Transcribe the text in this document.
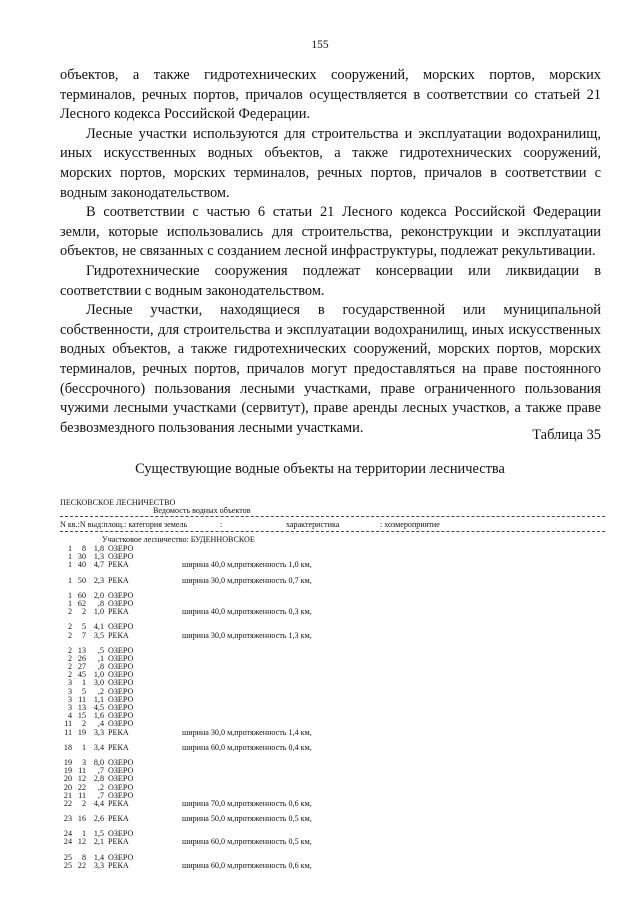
155

объектов, а также гидротехнических сооружений, морских портов, морских терминалов, речных портов, причалов осуществляется в соответствии со статьей 21 Лесного кодекса Российской Федерации.

Лесные участки используются для строительства и эксплуатации водохранилищ, иных искусственных водных объектов, а также гидротехнических сооружений, морских портов, морских терминалов, речных портов, причалов в соответствии с водным законодательством.

В соответствии с частью 6 статьи 21 Лесного кодекса Российской Федерации земли, которые использовались для строительства, реконструкции и эксплуатации объектов, не связанных с созданием лесной инфраструктуры, подлежат рекультивации.

Гидротехнические сооружения подлежат консервации или ликвидации в соответствии с водным законодательством.

Лесные участки, находящиеся в государственной или муниципальной собственности, для строительства и эксплуатации водохранилищ, иных искусственных водных объектов, а также гидротехнических сооружений, морских портов, морских терминалов, речных портов, причалов могут предоставляться на праве постоянного (бессрочного) пользования лесными участками, праве ограниченного пользования чужими лесными участками (сервитут), праве аренды лесных участков, а также праве безвозмездного пользования лесными участками.	Таблица 35
Существующие водные объекты на территории лесничества
ПЕСКОВСКОЕ ЛЕСНИЧЕСТВО
Ведомость водных объектов
N кв.:N выд:площ.: категория земель	:	характеристика	: хозмероприятие
Участковое лесничество: БУДЕННОВСКОЕ
1	8 1,8 ОЗЕРО
1 30 1,3 ОЗЕРО
1 40 4,7 РЕКА	ширина 40,0 м,протяженность 1,0 км,
1 50 2,3 РЕКА	ширина 30,0 м,протяженность 0,7 км,
1 60 2,0 ОЗЕРО
1 62	,8 ОЗЕРО
2	2 1,0 РЕКА	ширина 40,0 м,протяженность 0,3 км,
2	5 4,1 ОЗЕРО
2	7 3,5 РЕКА	ширина 30,0 м,протяженность 1,3 км,
2 13	,5 ОЗЕРО
2 26	,1 ОЗЕРО
2 27	,8 ОЗЕРО
2 45 1,0 ОЗЕРО
3	1 3,0 ОЗЕРО
3	5	,2 ОЗЕРО
3 11 1,1 ОЗЕРО
3 13 4,5 ОЗЕРО
4 15 1,6 ОЗЕРО
11	2	,4 ОЗЕРО
11 19 3,3 РЕКА	ширина 30,0 м,протяженность 1,4 км,
18	1 3,4 РЕКА	ширина 60,0 м,протяженность 0,4 км,
19	3 8,0 ОЗЕРО
19 11	,7 ОЗЕРО
20 12 2,8 ОЗЕРО
20 22	,2 ОЗЕРО
21 11	,7 ОЗЕРО
22	2 4,4 РЕКА	ширина 70,0 м,протяженность 0,6 км,
23 16 2,6 РЕКА	ширина 50,0 м,протяженность 0,5 км,
24	1 1,5 ОЗЕРО
24 12 2,1 РЕКА	ширина 60,0 м,протяженность 0,5 км,
25	8 1,4 ОЗЕРО
25 22 3,3 РЕКА	ширина 60,0 м,протяженность 0,6 км,
